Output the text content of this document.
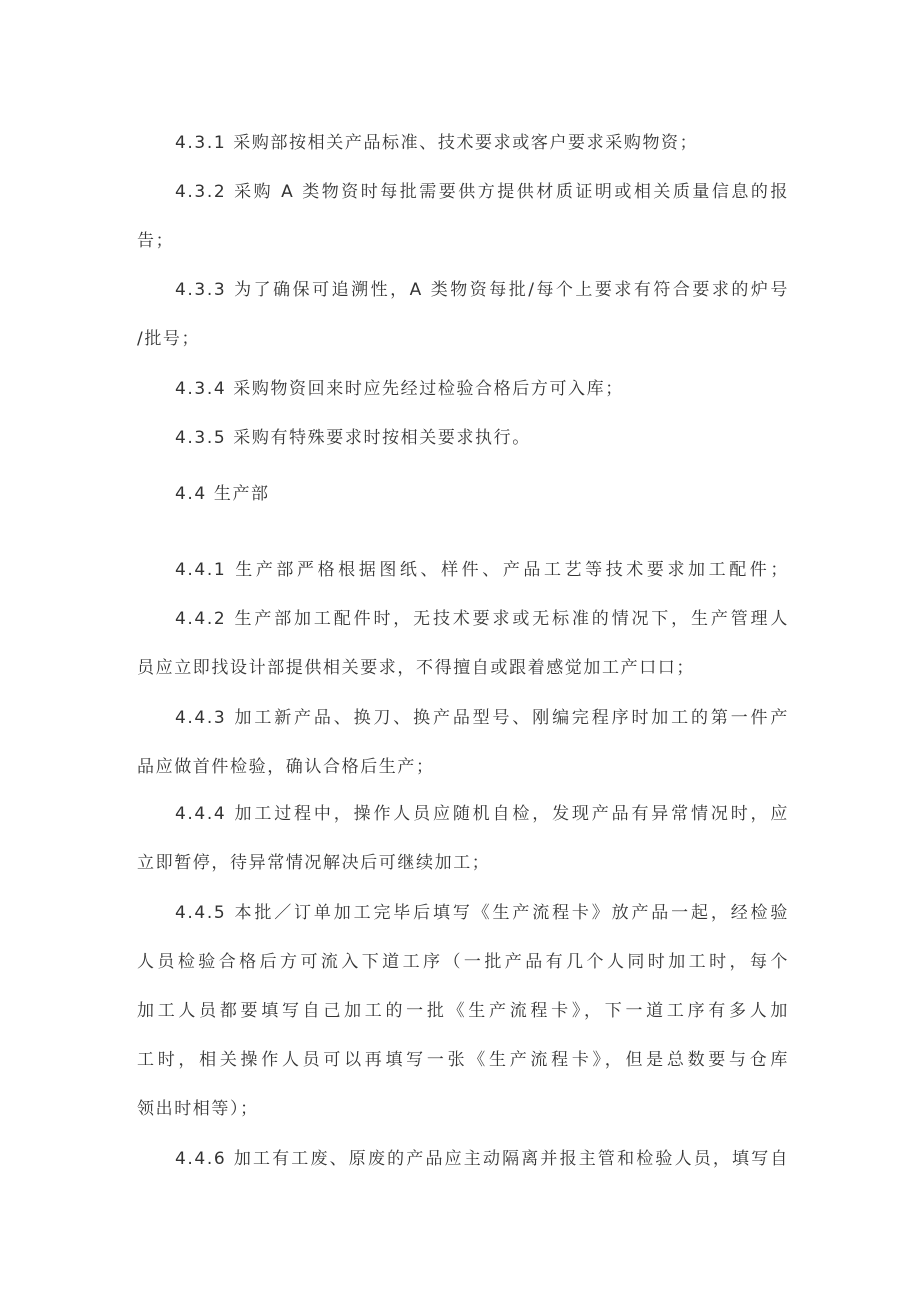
4.3.1 采购部按相关产品标准、技术要求或客户要求采购物资；
4.3.2 采购 A 类物资时每批需要供方提供材质证明或相关质量信息的报
告；
4.3.3 为了确保可追溯性，A 类物资每批/每个上要求有符合要求的炉号
/批号；
4.3.4 采购物资回来时应先经过检验合格后方可入库；
4.3.5 采购有特殊要求时按相关要求执行。
4.4 生产部
4.4.1 生产部严格根据图纸、样件、产品工艺等技术要求加工配件；
4.4.2 生产部加工配件时，无技术要求或无标准的情况下，生产管理人
员应立即找设计部提供相关要求，不得擅自或跟着感觉加工产口口；
4.4.3 加工新产品、换刀、换产品型号、刚编完程序时加工的第一件产
品应做首件检验，确认合格后生产；
4.4.4 加工过程中，操作人员应随机自检，发现产品有异常情况时，应
立即暂停，待异常情况解决后可继续加工；
4.4.5 本批／订单加工完毕后填写《生产流程卡》放产品一起，经检验
人员检验合格后方可流入下道工序（一批产品有几个人同时加工时，每个
加工人员都要填写自己加工的一批《生产流程卡》，下一道工序有多人加
工时，相关操作人员可以再填写一张《生产流程卡》，但是总数要与仓库
领出时相等）；
4.4.6 加工有工废、原废的产品应主动隔离并报主管和检验人员，填写自
